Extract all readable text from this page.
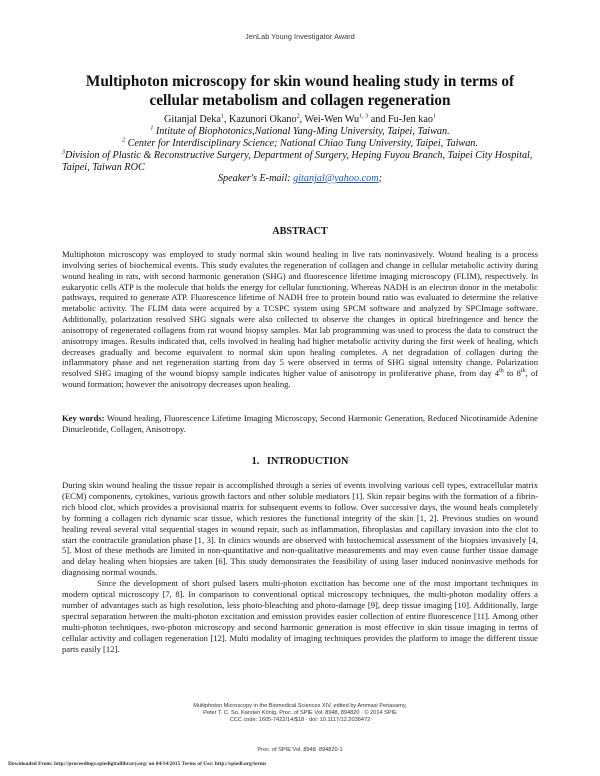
JenLab Young Investigator Award
Multiphoton microscopy for skin wound healing study in terms of
cellular metabolism and collagen regeneration
Gitanjal Deka$^1$, Kazunori Okano$^2$, Wei-Wen Wu$^{1, 3}$ and Fu-Jen kao$^1$
$^1$ Intitute of Biophotonics,National Yang-Ming University, Taipei, Taiwan.
$^2$ Center for Interdisciplinary Science; National Chiao Tung University, Taipei, Taiwan.
$^3$Division of Plastic & Reconstructive Surgery, Department of Surgery, Heping Fuyou Branch, Taipei City Hospital, Taipei, Taiwan ROC
Speaker's E-mail: gitanjal@yahoo.com;
ABSTRACT
Multiphoton microscopy was employed to study normal skin wound healing in live rats noninvasively. Wound healing is a process involving series of biochemical events. This study evalutes the regeneration of collagen and change in cellular metabolic activity during wound healing in rats, with second harmonic generation (SHG) and fluorescence lifetime imaging microscopy (FLIM), respectively. In eukaryotic cells ATP is the molecule that holds the energy for cellular functioning. Whereas NADH is an electron donor in the metabolic pathways, required to generate ATP. Fluorescence lifetime of NADH free to protein bound ratio was evaluated to determine the relative metabolic activity. The FLIM data were acquired by a TCSPC system using SPCM software and analyzed by SPCImage software. Additionally, polarization resolved SHG signals were also collected to observe the changes in optical birefringence and hence the anisotropy of regenerated collagens from rat wound biopsy samples. Mat lab programming was used to process the data to construct the anisotropy images. Results indicated that, cells involved in healing had higher metabolic activity during the first week of healing, which decreases gradually and become equivalent to normal skin upon healing completes. A net degradation of collagen during the inflammatory phase and net regeneration starting from day 5 were observed in terms of SHG signal intensity change. Polarization resolved SHG imaging of the wound biopsy sample indicates higher value of anisotropy in proliferative phase, from day 4th to 8th, of wound formation; however the anisotropy decreases upon healing.
Key words: Wound healing, Fluorescence Lifetime Imaging Microscopy, Second Harmonic Generation, Reduced Nicotinamide Adenine Dinucleotide, Collagen, Anisotropy.
1.   INTRODUCTION

During skin wound healing the tissue repair is accomplished through a series of events involving various cell types, extracellular matrix (ECM) components, cytokines, various growth factors and other soluble mediators [1]. Skin repair begins with the formation of a fibrin-rich blood clot, which provides a provisional matrix for subsequent events to follow. Over successive days, the wound heals completely by forming a collagen rich dynamic scar tissue, which restores the functional integrity of the skin [1, 2]. Previous studies on wound healing reveal several vital sequential stages in wound repair, such as inflammation, fibroplasias and capillary invasion into the clot to start the contractile granulation phase [1, 3]. In clinics wounds are observed with histochemical assessment of the biopsies invasively [4, 5]. Most of these methods are limited in non-quantitative and non-qualitative measurements and may even cause further tissue damage and delay healing when biopsies are taken [6]. This study demonstrates the feasibility of using laser induced noninvasive methods for diagnosing normal wounds.

Since the development of short pulsed lasers multi-photon excitation has become one of the most important techniques in modern optical microscopy [7, 8]. In comparison to conventional optical microscopy techniques, the multi-photon modality offers a number of advantages such as high resolution, less photo-bleaching and photo-damage [9], deep tissue imaging [10]. Additionally, large spectral separation between the multi-photon excitation and emission provides easier collection of entire fluorescence [11]. Among other multi-photon techniques, two-photon microscopy and second harmonic generation is most effective in skin tissue imaging in terms of cellular activity and collagen regeneration [12]. Multi modality of imaging techniques provides the platform to image the different tissue parts easily [12].

Multiphoton Microscopy in the Biomedical Sciences XIV, edited by Ammasi Periasamy,
Peter T. C. So, Karsten König, Proc. of SPIE Vol. 8948, 894820 · © 2014 SPIE
CCC code: 1605-7422/14/$18 · doi: 10.1117/12.2038472
Proc. of SPIE Vol. 8948  894820-1
Downloaded From: http://proceedings.spiedigitallibrary.org/ on 04/14/2015 Terms of Use: http://spiedl.org/terms
